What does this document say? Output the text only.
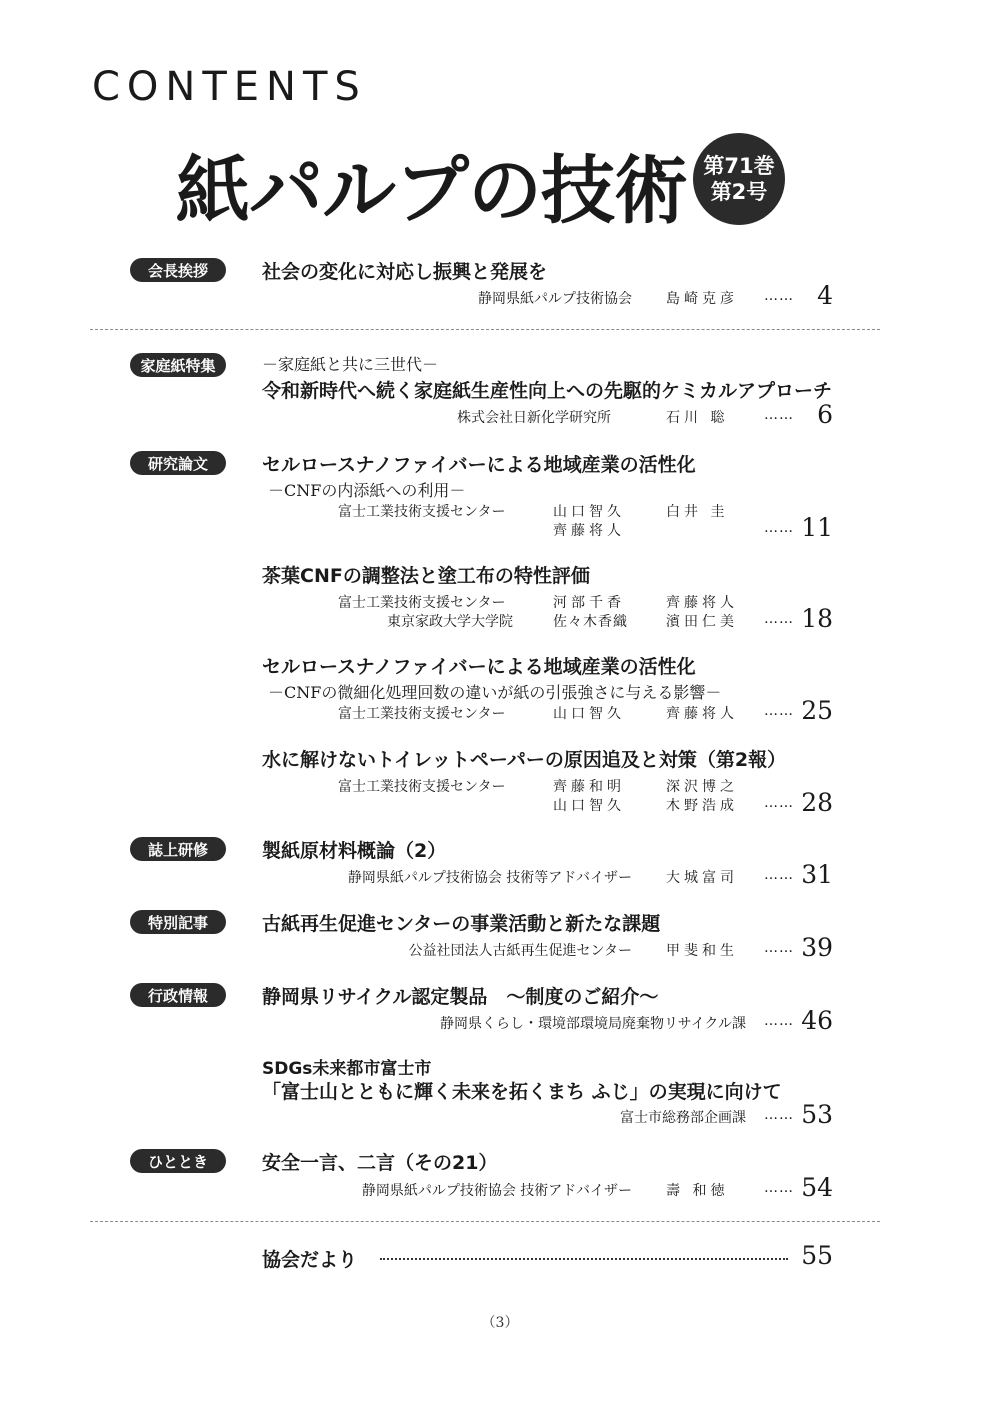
CONTENTS
紙パルプの技術 第71巻
第2号
会長挨拶	社会の変化に対応し振興と発展を
静岡県紙パルプ技術協会 島崎克彦 …… 4
家庭紙特集	－家庭紙と共に三世代－
令和新時代へ続く家庭紙生産性向上への先駆的ケミカルアプローチ
株式会社日新化学研究所	石川 聡	…… 6
研究論文	セルロースナノファイバーによる地域産業の活性化
－CNFの内添紙への利用－
富士工業技術支援センター	山口智久	白井 圭
齊藤将人	…… 11
茶葉CNFの調整法と塗工布の特性評価
富士工業技術支援センター	河部千香	齊藤将人
東京家政大学大学院	佐々木香織	濱田仁美 …… 18
セルロースナノファイバーによる地域産業の活性化
－CNFの微細化処理回数の違いが紙の引張強さに与える影響－
富士工業技術支援センター	山口智久	齊藤将人 …… 25
水に解けないトイレットペーパーの原因追及と対策（第2報）
富士工業技術支援センター	齊藤和明	深沢博之
山口智久	木野浩成 …… 28
誌上研修	製紙原材料概論（2）
静岡県紙パルプ技術協会 技術等アドバイザー 大城富司 …… 31
特別記事	古紙再生促進センターの事業活動と新たな課題
公益社団法人古紙再生促進センター 甲斐和生 …… 39
行政情報	静岡県リサイクル認定製品　～制度のご紹介～
静岡県くらし・環境部環境局廃棄物リサイクル課 …… 46
SDGs未来都市富士市
「富士山とともに輝く未来を拓くまち ふじ」の実現に向けて
富士市総務部企画課 …… 53
ひととき	安全一言、二言（その21）
静岡県紙パルプ技術協会 技術アドバイザー 壽 和徳	…… 54
協会だより	55
（3）
